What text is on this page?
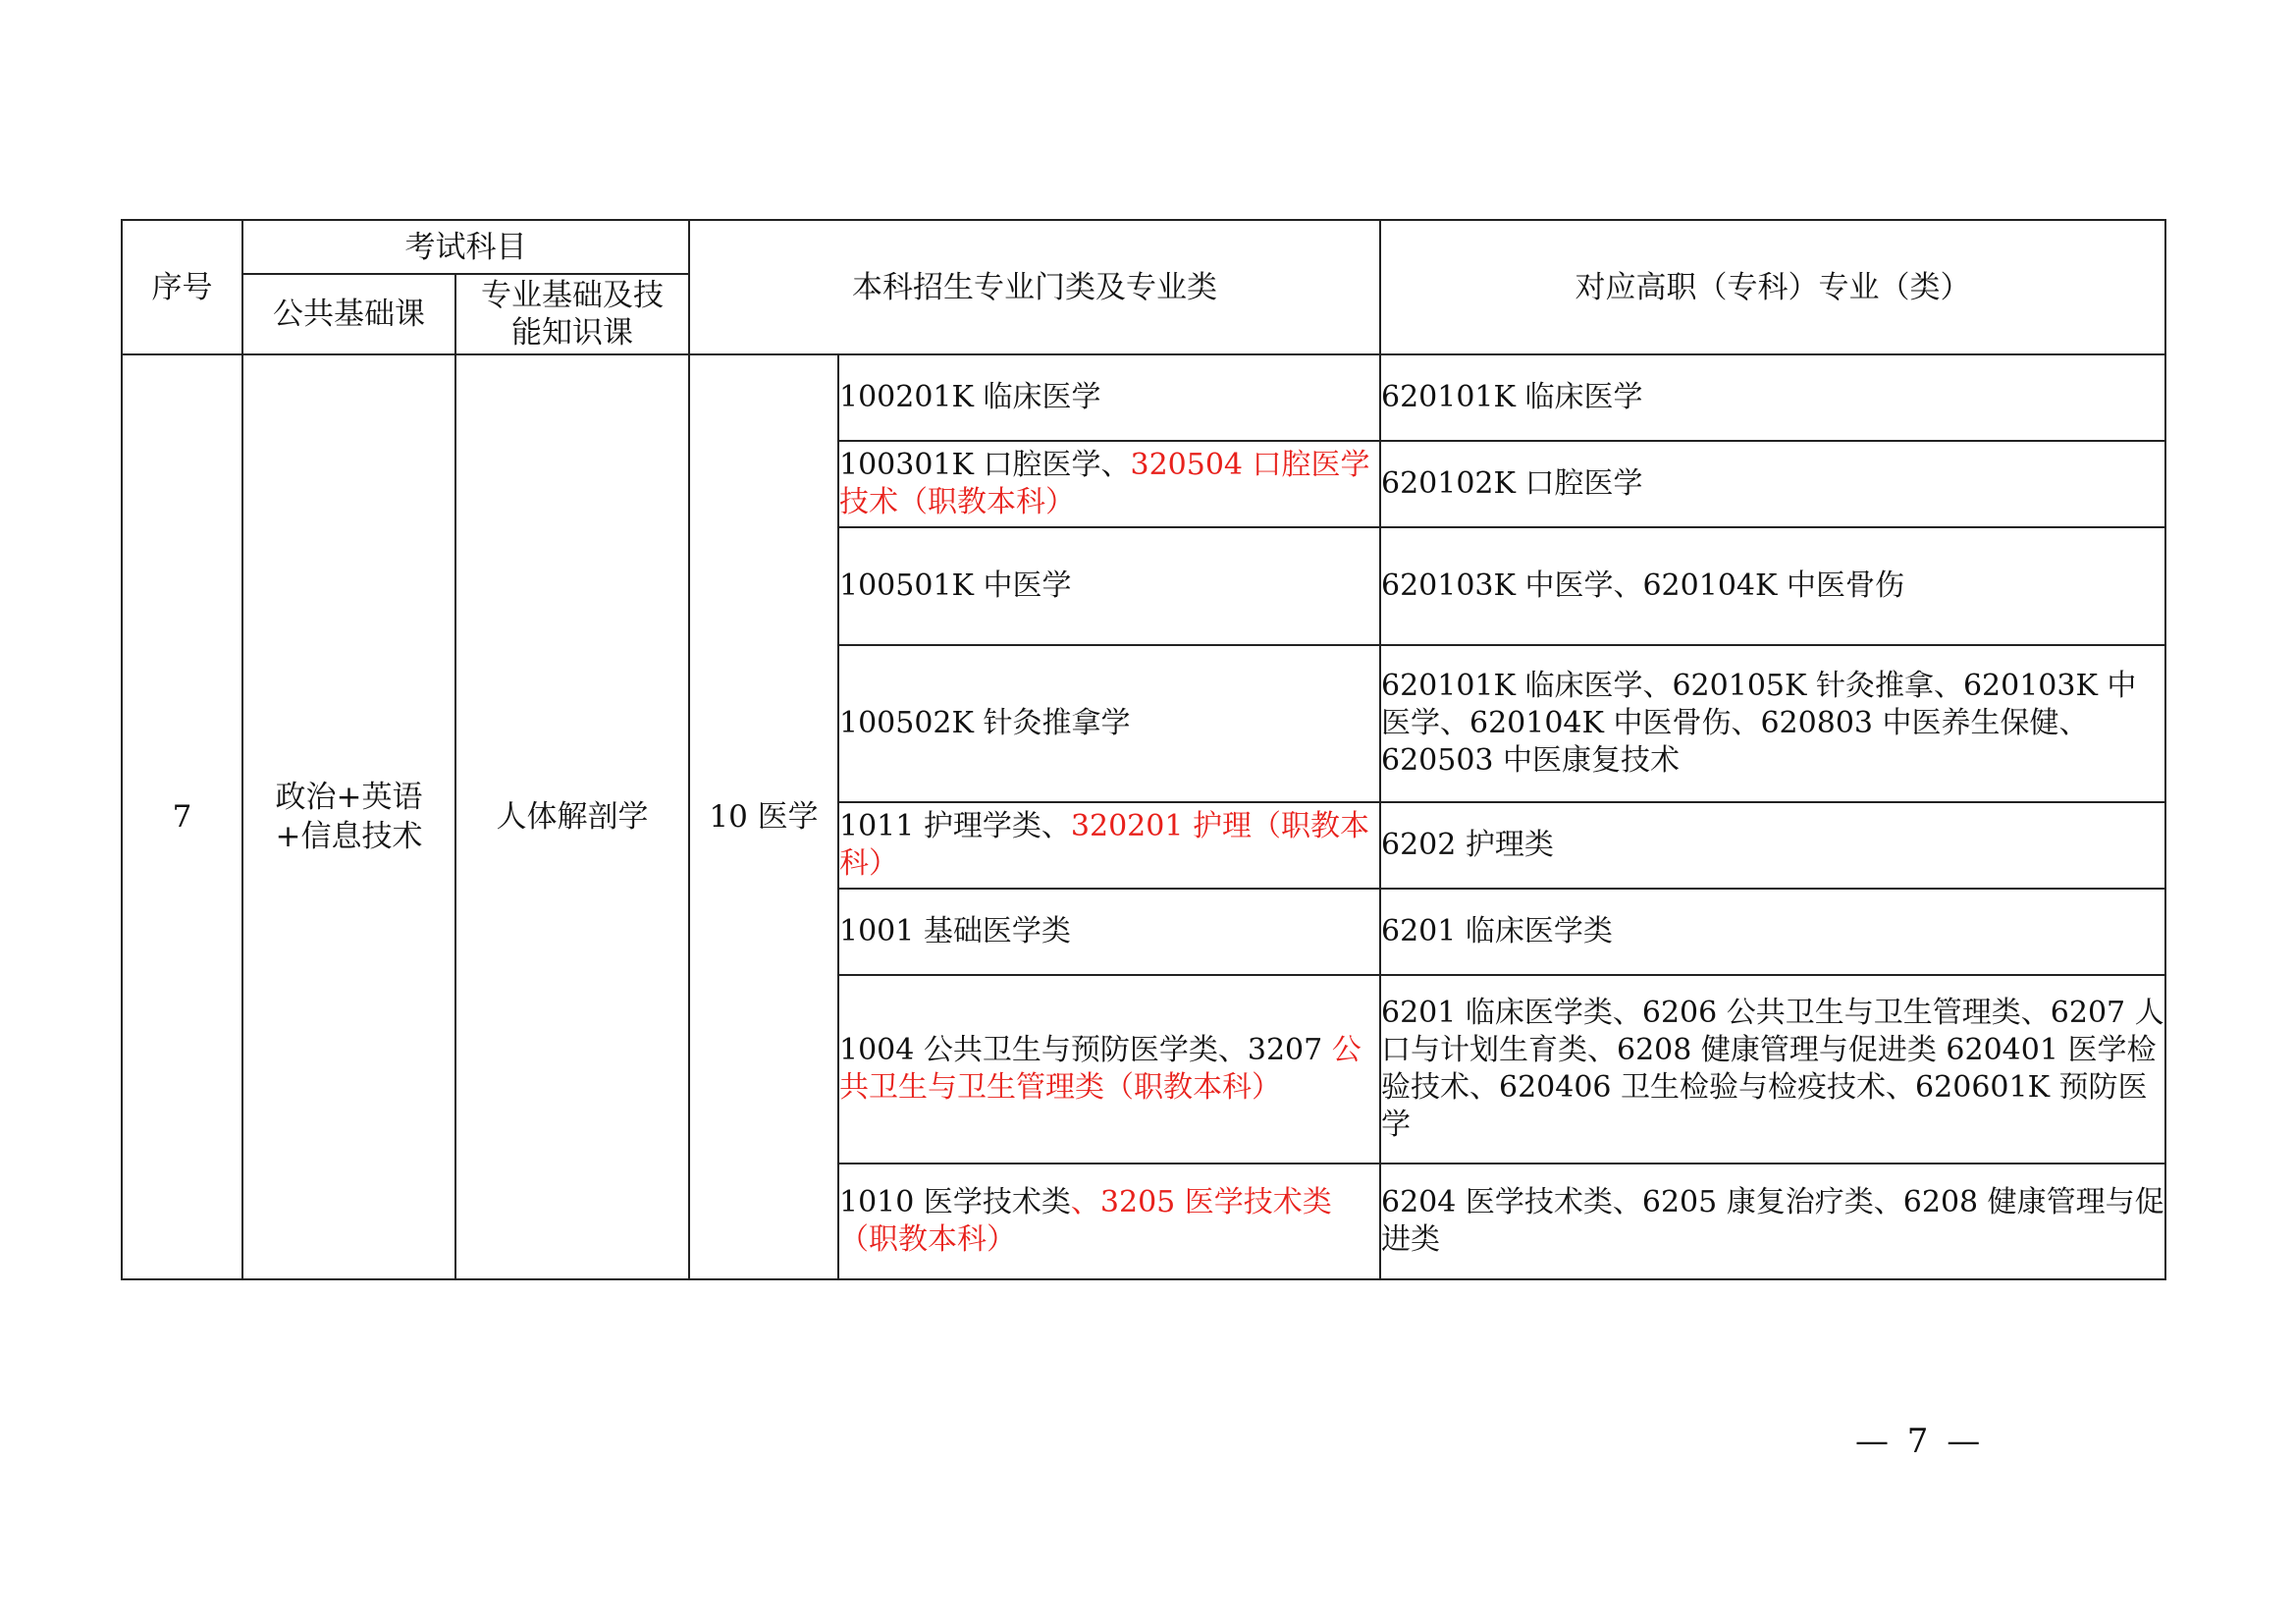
序号	考试科目		本科招生专业门类及专业类		对应高职（专科）专业（类）
	公共基础课	专业基础及技能知识课			
7	政治+英语+信息技术	人体解剖学	10 医学	100201K 临床医学	620101K 临床医学
				100301K 口腔医学、320504 口腔医学技术（职教本科）	620102K 口腔医学
				100501K 中医学	620103K 中医学、620104K 中医骨伤
				100502K 针灸推拿学	620101K 临床医学、620105K 针灸推拿、620103K 中医学、620104K 中医骨伤、620803 中医养生保健、620503 中医康复技术
				1011 护理学类、320201 护理（职教本科）	6202 护理类
				1001 基础医学类	6201 临床医学类
				1004 公共卫生与预防医学类、3207 公共卫生与卫生管理类（职教本科）	6201 临床医学类、6206 公共卫生与卫生管理类、6207 人口与计划生育类、6208 健康管理与促进类 620401 医学检验技术、620406 卫生检验与检疫技术、620601K 预防医学
				1010 医学技术类、3205 医学技术类（职教本科）	6204 医学技术类、6205 康复治疗类、6208 健康管理与促进类
— 7 —
